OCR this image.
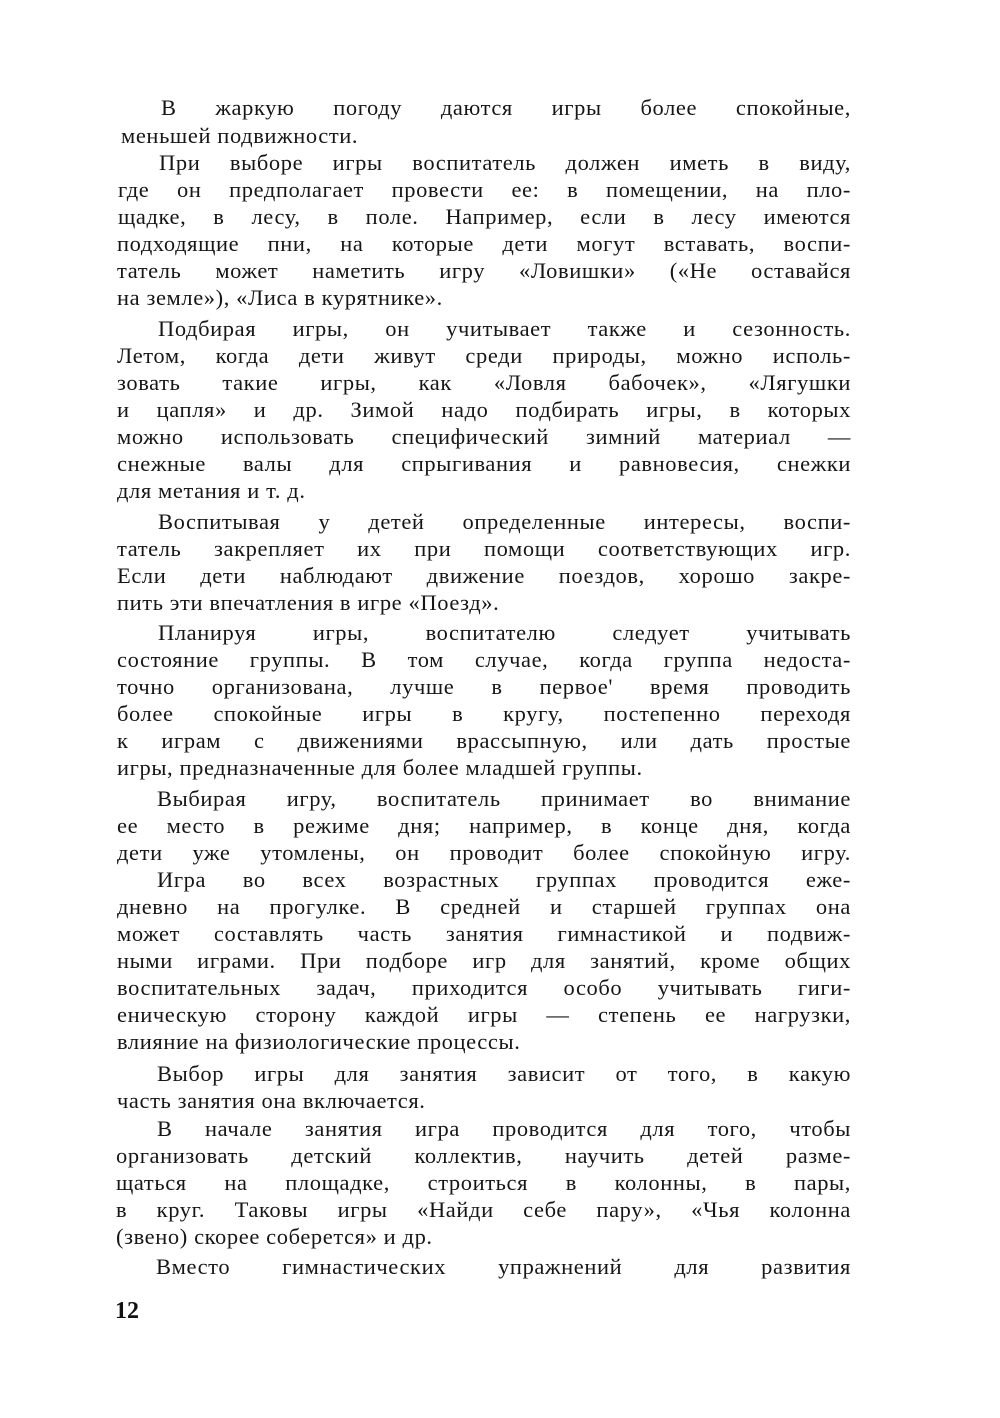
В жаркую погоду даются игры более спокойные,
меньшей подвижности.
При выборе игры воспитатель должен иметь в виду,
где он предполагает провести ее: в помещении, на пло-
щадке, в лесу, в поле. Например, если в лесу имеются
подходящие пни, на которые дети могут вставать, воспи-
татель может наметить игру «Ловишки» («Не оставайся
на земле»), «Лиса в курятнике».
Подбирая игры, он учитывает также и сезонность.
Летом, когда дети живут среди природы, можно исполь-
зовать такие игры, как «Ловля бабочек», «Лягушки
и цапля» и др. Зимой надо подбирать игры, в которых
можно использовать специфический зимний материал —
снежные валы для спрыгивания и равновесия, снежки
для метания и т. д.
Воспитывая у детей определенные интересы, воспи-
татель закрепляет их при помощи соответствующих игр.
Если дети наблюдают движение поездов, хорошо закре-
пить эти впечатления в игре «Поезд».
Планируя игры, воспитателю следует учитывать
состояние группы. В том случае, когда группа недоста-
точно организована, лучше в первое' время проводить
более спокойные игры в кругу, постепенно переходя
к играм с движениями врассыпную, или дать простые
игры, предназначенные для более младшей группы.
Выбирая игру, воспитатель принимает во внимание
ее место в режиме дня; например, в конце дня, когда
дети уже утомлены, он проводит более спокойную игру.
Игра во всех возрастных группах проводится еже-
дневно на прогулке. В средней и старшей группах она
может составлять часть занятия гимнастикой и подвиж-
ными играми. При подборе игр для занятий, кроме общих
воспитательных задач, приходится особо учитывать гиги-
еническую сторону каждой игры — степень ее нагрузки,
влияние на физиологические процессы.
Выбор игры для занятия зависит от того, в какую
часть занятия она включается.
В начале занятия игра проводится для того, чтобы
организовать детский коллектив, научить детей разме-
щаться на площадке, строиться в колонны, в пары,
в круг. Таковы игры «Найди себе пару», «Чья колонна
(звено) скорее соберется» и др.
Вместо гимнастических упражнений для развития
12
